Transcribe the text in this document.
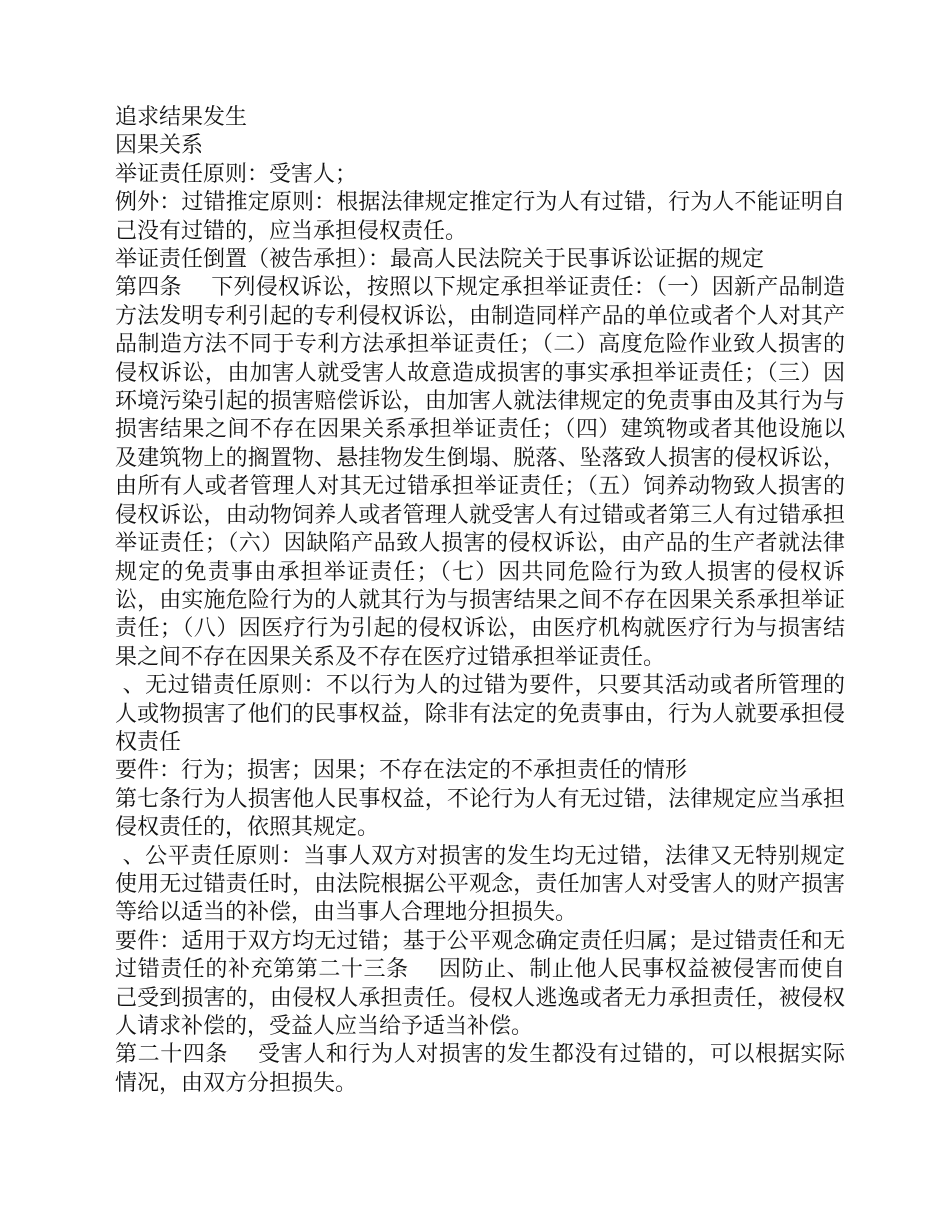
追求结果发生

因果关系

举证责任原则：受害人；

例外：过错推定原则：根据法律规定推定行为人有过错，行为人不能证明自己没有过错的，应当承担侵权责任。

举证责任倒置（被告承担）：最高人民法院关于民事诉讼证据的规定

第四条　 下列侵权诉讼，按照以下规定承担举证责任：（一）因新产品制造方法发明专利引起的专利侵权诉讼，由制造同样产品的单位或者个人对其产品制造方法不同于专利方法承担举证责任；（二）高度危险作业致人损害的侵权诉讼，由加害人就受害人故意造成损害的事实承担举证责任；（三）因环境污染引起的损害赔偿诉讼，由加害人就法律规定的免责事由及其行为与损害结果之间不存在因果关系承担举证责任；（四）建筑物或者其他设施以及建筑物上的搁置物、悬挂物发生倒塌、脱落、坠落致人损害的侵权诉讼，由所有人或者管理人对其无过错承担举证责任；（五）饲养动物致人损害的侵权诉讼，由动物饲养人或者管理人就受害人有过错或者第三人有过错承担举证责任；（六）因缺陷产品致人损害的侵权诉讼，由产品的生产者就法律规定的免责事由承担举证责任；（七）因共同危险行为致人损害的侵权诉讼，由实施危险行为的人就其行为与损害结果之间不存在因果关系承担举证责任；（八）因医疗行为引起的侵权诉讼，由医疗机构就医疗行为与损害结果之间不存在因果关系及不存在医疗过错承担举证责任。

、无过错责任原则：不以行为人的过错为要件，只要其活动或者所管理的人或物损害了他们的民事权益，除非有法定的免责事由，行为人就要承担侵权责任

要件：行为；损害；因果；不存在法定的不承担责任的情形

第七条行为人损害他人民事权益，不论行为人有无过错，法律规定应当承担侵权责任的，依照其规定。

、公平责任原则：当事人双方对损害的发生均无过错，法律又无特别规定使用无过错责任时，由法院根据公平观念，责任加害人对受害人的财产损害等给以适当的补偿，由当事人合理地分担损失。

要件：适用于双方均无过错；基于公平观念确定责任归属；是过错责任和无过错责任的补充第第二十三条　 因防止、制止他人民事权益被侵害而使自己受到损害的，由侵权人承担责任。侵权人逃逸或者无力承担责任，被侵权人请求补偿的，受益人应当给予适当补偿。

第二十四条　 受害人和行为人对损害的发生都没有过错的，可以根据实际情况，由双方分担损失。
